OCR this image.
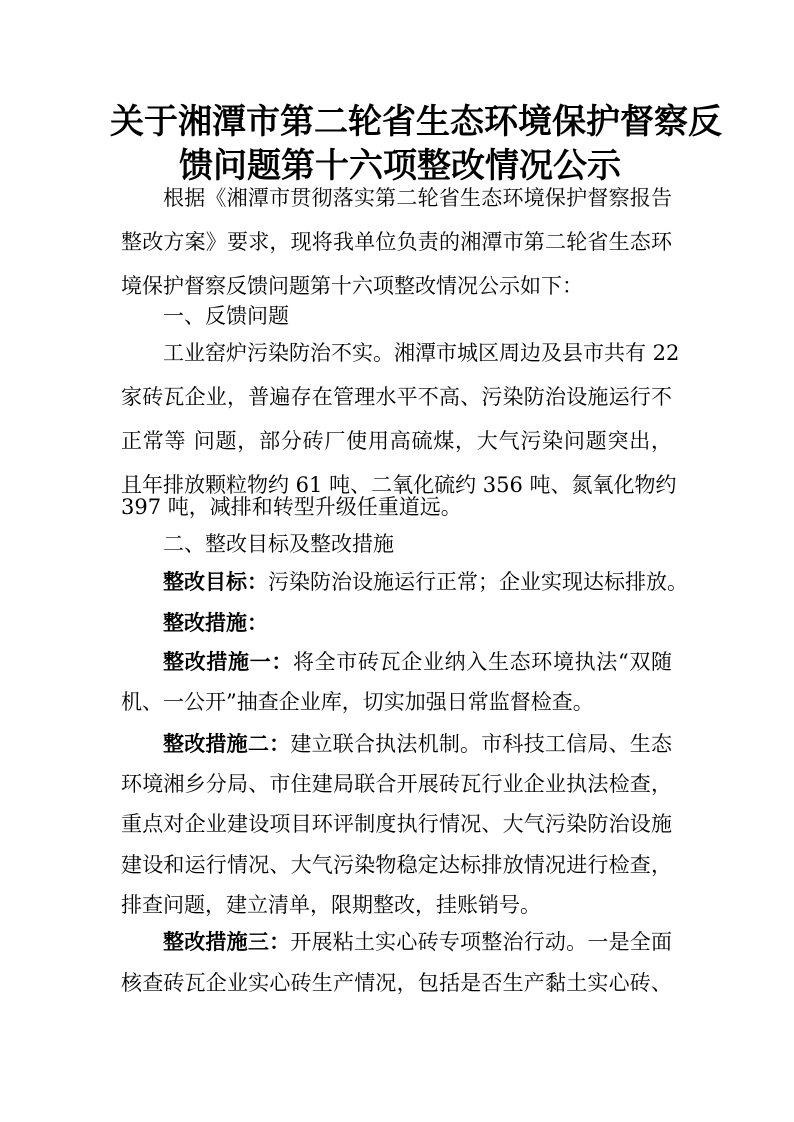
关于湘潭市第二轮省生态环境保护督察反
馈问题第十六项整改情况公示

根据《湘潭市贯彻落实第二轮省生态环境保护督察报告

整改方案》要求，现将我单位负责的湘潭市第二轮省生态环

境保护督察反馈问题第十六项整改情况公示如下：

一、反馈问题

工业窑炉污染防治不实。湘潭市城区周边及县市共有 22

家砖瓦企业，普遍存在管理水平不高、污染防治设施运行不

正常等 问题，部分砖厂使用高硫煤，大气污染问题突出，

且年排放颗粒物约 61 吨、二氧化硫约 356 吨、氮氧化物约

397 吨，减排和转型升级任重道远。

二、整改目标及整改措施

整改目标：污染防治设施运行正常；企业实现达标排放。

整改措施：

整改措施一：将全市砖瓦企业纳入生态环境执法“双随

机、一公开”抽查企业库，切实加强日常监督检查。

整改措施二：建立联合执法机制。市科技工信局、生态

环境湘乡分局、市住建局联合开展砖瓦行业企业执法检查，

重点对企业建设项目环评制度执行情况、大气污染防治设施

建设和运行情况、大气污染物稳定达标排放情况进行检查，

排查问题，建立清单，限期整改，挂账销号。

整改措施三：开展粘土实心砖专项整治行动。一是全面

核查砖瓦企业实心砖生产情况，包括是否生产黏土实心砖、
